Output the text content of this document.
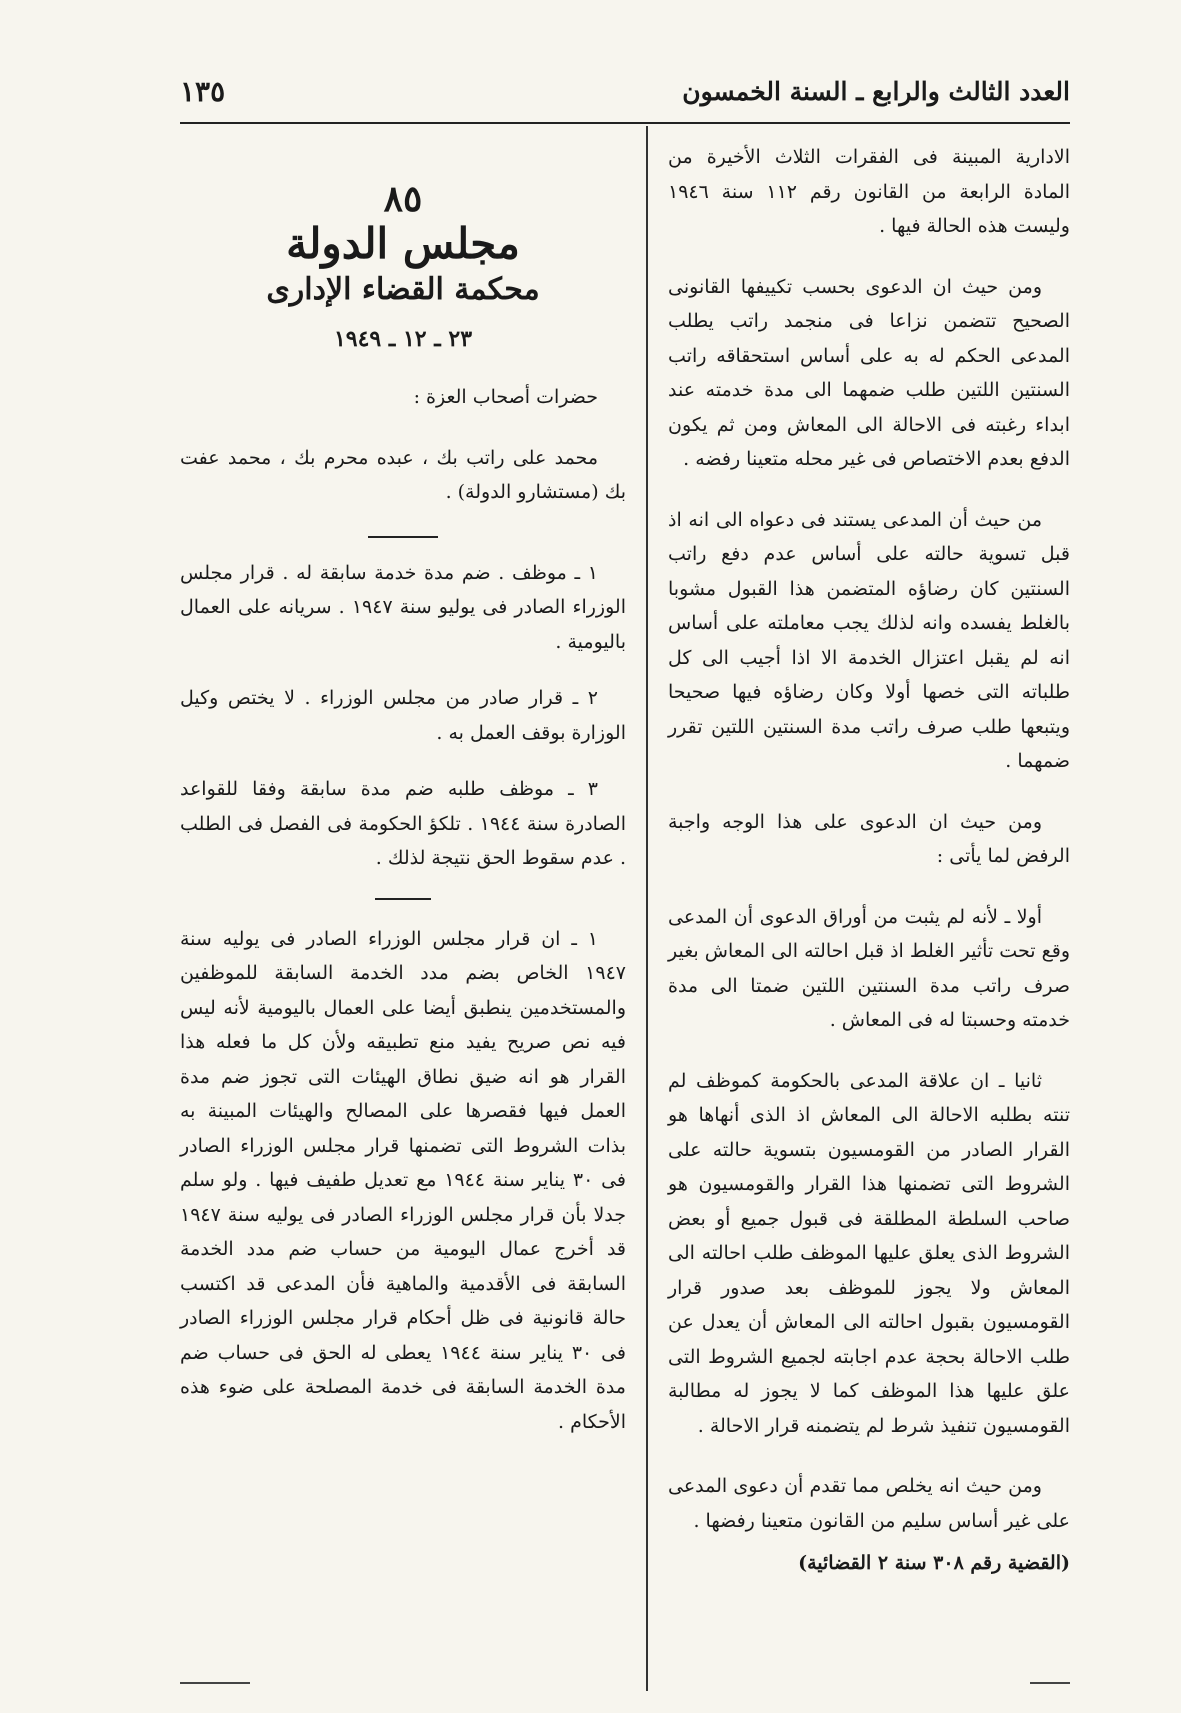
العدد الثالث والرابع ـ السنة الخمسون
١٣٥

الادارية المبينة فى الفقرات الثلاث الأخيرة من المادة الرابعة من القانون رقم ١١٢ سنة ١٩٤٦ وليست هذه الحالة فيها .

ومن حيث ان الدعوى بحسب تكييفها القانونى الصحيح تتضمن نزاعا فى منجمد راتب يطلب المدعى الحكم له به على أساس استحقاقه راتب السنتين اللتين طلب ضمهما الى مدة خدمته عند ابداء رغبته فى الاحالة الى المعاش ومن ثم يكون الدفع بعدم الاختصاص فى غير محله متعينا رفضه .

من حيث أن المدعى يستند فى دعواه الى انه اذ قبل تسوية حالته على أساس عدم دفع راتب السنتين كان رضاؤه المتضمن هذا القبول مشوبا بالغلط يفسده وانه لذلك يجب معاملته على أساس انه لم يقبل اعتزال الخدمة الا اذا أجيب الى كل طلباته التى خصها أولا وكان رضاؤه فيها صحيحا ويتبعها طلب صرف راتب مدة السنتين اللتين تقرر ضمهما .

ومن حيث ان الدعوى على هذا الوجه واجبة الرفض لما يأتى :

أولا ـ لأنه لم يثبت من أوراق الدعوى أن المدعى وقع تحت تأثير الغلط اذ قبل احالته الى المعاش بغير صرف راتب مدة السنتين اللتين ضمتا الى مدة خدمته وحسبتا له فى المعاش .

ثانيا ـ ان علاقة المدعى بالحكومة كموظف لم تنته بطلبه الاحالة الى المعاش اذ الذى أنهاها هو القرار الصادر من القومسيون بتسوية حالته على الشروط التى تضمنها هذا القرار والقومسيون هو صاحب السلطة المطلقة فى قبول جميع أو بعض الشروط الذى يعلق عليها الموظف طلب احالته الى المعاش ولا يجوز للموظف بعد صدور قرار القومسيون بقبول احالته الى المعاش أن يعدل عن طلب الاحالة بحجة عدم اجابته لجميع الشروط التى علق عليها هذا الموظف كما لا يجوز له مطالبة القومسيون تنفيذ شرط لم يتضمنه قرار الاحالة .

ومن حيث انه يخلص مما تقدم أن دعوى المدعى على غير أساس سليم من القانون متعينا رفضها .

(القضية رقم ٣٠٨ سنة ٢ القضائية)

٨٥
مجلس الدولة
محكمة القضاء الإدارى
٢٣ ـ ١٢ ـ ١٩٤٩

حضرات أصحاب العزة :

محمد على راتب بك ، عبده محرم بك ، محمد عفت بك (مستشارو الدولة) .

١ ـ موظف . ضم مدة خدمة سابقة له . قرار مجلس الوزراء الصادر فى يوليو سنة ١٩٤٧ . سريانه على العمال باليومية .

٢ ـ قرار صادر من مجلس الوزراء . لا يختص وكيل الوزارة بوقف العمل به .

٣ ـ موظف طلبه ضم مدة سابقة وفقا للقواعد الصادرة سنة ١٩٤٤ . تلكؤ الحكومة فى الفصل فى الطلب . عدم سقوط الحق نتيجة لذلك .

١ ـ ان قرار مجلس الوزراء الصادر فى يوليه سنة ١٩٤٧ الخاص بضم مدد الخدمة السابقة للموظفين والمستخدمين ينطبق أيضا على العمال باليومية لأنه ليس فيه نص صريح يفيد منع تطبيقه ولأن كل ما فعله هذا القرار هو انه ضيق نطاق الهيئات التى تجوز ضم مدة العمل فيها فقصرها على المصالح والهيئات المبينة به بذات الشروط التى تضمنها قرار مجلس الوزراء الصادر فى ٣٠ يناير سنة ١٩٤٤ مع تعديل طفيف فيها . ولو سلم جدلا بأن قرار مجلس الوزراء الصادر فى يوليه سنة ١٩٤٧ قد أخرج عمال اليومية من حساب ضم مدد الخدمة السابقة فى الأقدمية والماهية فأن المدعى قد اكتسب حالة قانونية فى ظل أحكام قرار مجلس الوزراء الصادر فى ٣٠ يناير سنة ١٩٤٤ يعطى له الحق فى حساب ضم مدة الخدمة السابقة فى خدمة المصلحة على ضوء هذه الأحكام .
